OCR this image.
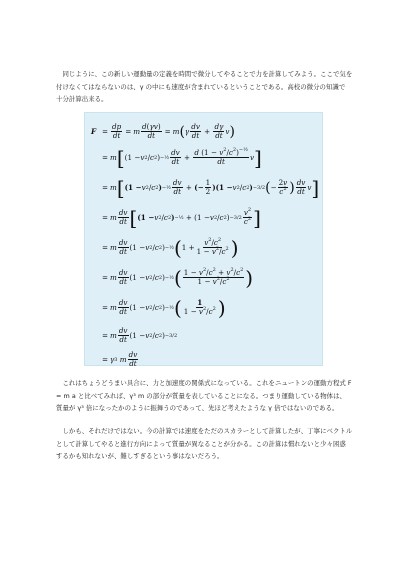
　同じように、この新しい運動量の定義を時間で微分してやることで力を計算してみよう。ここで気を
付けなくてはならないのは、γ の中にも速度が含まれているということである。高校の微分の知識で
十分計算出来る。

$F = \frac{dp}{dt} = m \frac{d(\gamma v)}{dt} = m$ ( γ $\frac{dv}{dt} + \frac{d\gamma}{dt}$ v )
= m [ (1 − v 2 / c 2 ) −½ $\frac{dv}{dt} + \frac{d (1 - v^2/c^2)^{-\frac{1}{2}}}{dt}$ v ]
= m [ (1 − v 2 / c 2 ) −½ $\frac{dv}{dt}$ + (− $\frac{1}{2} )(1 - v$ 2 / c 2 ) −3/2 ( − $\frac{2v}{c^2}$ ) $\frac{dv}{dt}$ v ]
= m $\frac{dv}{dt}$ [ (1 − v 2 / c 2 ) −½ + (1 − v 2 / c 2 ) $-3/2 \frac{v^2}{c^2}$ ]
= m $\frac{dv}{dt} (1 - v$ 2 / c 2 ) −½ ( $1 + \frac{v^2/c^2}{1 - v^2/c^2}$ )
= m $\frac{dv}{dt} (1 - v$ 2 / c 2 ) −½ ( $\frac{1 - v^2/c^2 + v^2/c^2}{1 - v^2/c^2}$ )
= m $\frac{dv}{dt} (1 - v$ 2 / c 2 ) −½ ( $\frac{1}{1 - v^2/c^2}$ )
= m $\frac{dv}{dt} (1 - v$ 2 / c 2 ) −3/2
= γ 3
m $\frac{dv}{dt}$

　これはちょうどうまい具合に、力と加速度の関係式になっている。これをニュートンの運動方程式 F
= m a と比べてみれば、γ³ m の部分が質量を表していることになる。つまり運動している物体は、
質量が γ³ 倍になったかのように振舞うのであって、先ほど考えたような γ 倍ではないのである。

　しかも、それだけではない。今の計算では速度をただのスカラーとして計算したが、丁寧にベクトル
として計算してやると進行方向によって質量が異なることが分かる。この計算は慣れないと少々困惑
するかも知れないが、難しすぎるという事はないだろう。
